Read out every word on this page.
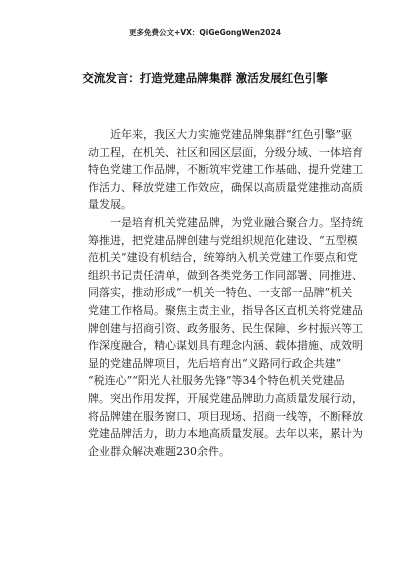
更多免费公文+VX：QiGeGongWen2024
交流发言：打造党建品牌集群 激活发展红色引擎
近年来，我区大力实施党建品牌集群“红色引擎”驱
动工程，在机关、社区和园区层面，分级分域、一体培育
特色党建工作品牌，不断筑牢党建工作基础、提升党建工
作活力、释放党建工作效应，确保以高质量党建推动高质
量发展。
一是培育机关党建品牌，为党业融合聚合力。坚持统
筹推进，把党建品牌创建与党组织规范化建设、“五型模
范机关”建设有机结合，统筹纳入机关党建工作要点和党
组织书记责任清单，做到各类党务工作同部署、同推进、
同落实，推动形成“一机关一特色、一支部一品牌”机关
党建工作格局。聚焦主责主业，指导各区直机关将党建品
牌创建与招商引资、政务服务、民生保障、乡村振兴等工
作深度融合，精心谋划具有理念内涵、载体措施、成效明
显的党建品牌项目，先后培育出“义路同行政企共建”
“税连心”“阳光人社服务先锋”等34个特色机关党建品
牌。突出作用发挥，开展党建品牌助力高质量发展行动，
将品牌建在服务窗口、项目现场、招商一线等，不断释放
党建品牌活力，助力本地高质量发展。去年以来，累计为
企业群众解决难题230余件。
